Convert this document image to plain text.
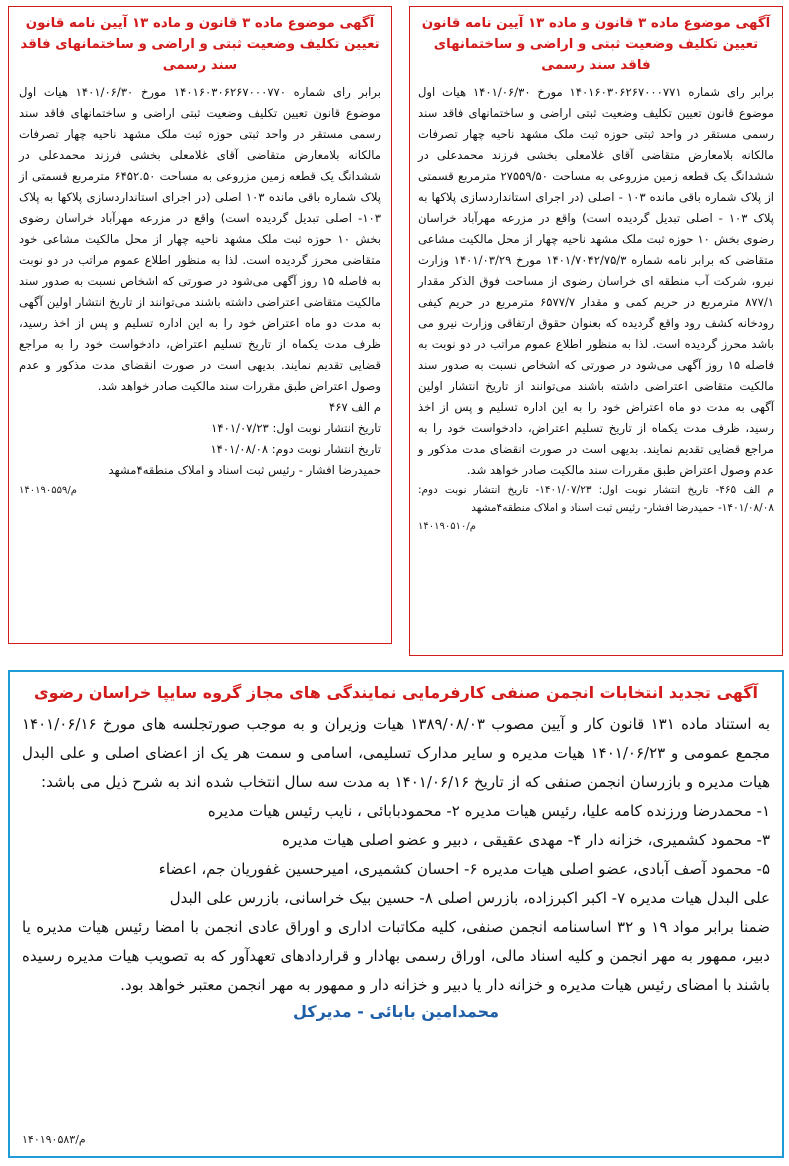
آگهی موضوع ماده ۳ قانون و ماده ۱۳ آیین نامه قانون تعیین تکلیف وضعیت ثبتی و اراضی و ساختمانهای فاقد سند رسمی

برابر رای شماره ۱۴۰۱۶۰۳۰۶۲۶۷۰۰۰۷۷۱ مورخ ۱۴۰۱/۰۶/۳۰ هیات اول موضوع قانون تعیین تکلیف وضعیت ثبتی اراضی و ساختمانهای فاقد سند رسمی مستقر در واحد ثبتی حوزه ثبت ملک مشهد ناحیه چهار تصرفات مالکانه بلامعارض متقاضی آقای غلامعلی بخشی فرزند محمدعلی در ششدانگ یک قطعه زمین مزروعی به مساحت ۲۷۵۵۹/۵۰ مترمربع قسمتی از پلاک شماره باقی مانده ۱۰۳ - اصلی (در اجرای استانداردسازی پلاکها به پلاک ۱۰۳ - اصلی تبدیل گردیده است) واقع در مزرعه مهرآباد خراسان رضوی بخش ۱۰ حوزه ثبت ملک مشهد ناحیه چهار از محل مالکیت مشاعی متقاضی که برابر نامه شماره ۱۴۰۱/۷۰۴۲/۷۵/۳ مورخ ۱۴۰۱/۰۳/۲۹ وزارت نیرو، شرکت آب منطقه ای خراسان رضوی از مساحت فوق الذکر مقدار ۸۷۷/۱ مترمربع در حریم کمی و مقدار ۶۵۷۷/۷ مترمربع در حریم کیفی رودخانه کشف رود واقع گردیده که بعنوان حقوق ارتفاقی وزارت نیرو می باشد محرز گردیده است. لذا به منظور اطلاع عموم مراتب در دو نوبت به فاصله ۱۵ روز آگهی می‌شود در صورتی که اشخاص نسبت به صدور سند مالکیت متقاضی اعتراضی داشته باشند می‌توانند از تاریخ انتشار اولین آگهی به مدت دو ماه اعتراض خود را به این اداره تسلیم و پس از اخذ رسید، ظرف مدت یکماه از تاریخ تسلیم اعتراض، دادخواست خود را به مراجع قضایی تقدیم نمایند. بدیهی است در صورت انقضای مدت مذکور و عدم وصول اعتراض طبق مقررات سند مالکیت صادر خواهد شد.

م الف ۴۶۵- تاریخ انتشار نوبت اول: ۱۴۰۱/۰۷/۲۳- تاریخ انتشار نوبت دوم: ۱۴۰۱/۰۸/۰۸- حمیدرضا افشار- رئیس ثبت اسناد و املاک منطقه۴مشهد

م/۱۴۰۱۹۰۵۱۰
آگهی موضوع ماده ۳ قانون و ماده ۱۳ آیین نامه قانون تعیین تکلیف وضعیت ثبتی و اراضی و ساختمانهای فاقد سند رسمی

برابر رای شماره ۱۴۰۱۶۰۳۰۶۲۶۷۰۰۰۷۷۰ مورخ ۱۴۰۱/۰۶/۳۰ هیات اول موضوع قانون تعیین تکلیف وضعیت ثبتی اراضی و ساختمانهای فاقد سند رسمی مستقر در واحد ثبتی حوزه ثبت ملک مشهد ناحیه چهار تصرفات مالکانه بلامعارض متقاضی آقای غلامعلی بخشی فرزند محمدعلی در ششدانگ یک قطعه زمین مزروعی به مساحت ۶۴۵۲.۵۰ مترمربع قسمتی از پلاک شماره باقی مانده ۱۰۳ اصلی (در اجرای استانداردسازی پلاکها به پلاک ۱۰۳- اصلی تبدیل گردیده است) واقع در مزرعه مهرآباد خراسان رضوی بخش ۱۰ حوزه ثبت ملک مشهد ناحیه چهار از محل مالکیت مشاعی خود متقاضی محرز گردیده است. لذا به منظور اطلاع عموم مراتب در دو نوبت به فاصله ۱۵ روز آگهی می‌شود در صورتی که اشخاص نسبت به صدور سند مالکیت متقاضی اعتراضی داشته باشند می‌توانند از تاریخ انتشار اولین آگهی به مدت دو ماه اعتراض خود را به این اداره تسلیم و پس از اخذ رسید، ظرف مدت یکماه از تاریخ تسلیم اعتراض، دادخواست خود را به مراجع قضایی تقدیم نمایند. بدیهی است در صورت انقضای مدت مذکور و عدم وصول اعتراض طبق مقررات سند مالکیت صادر خواهد شد.

م الف ۴۶۷

تاریخ انتشار نوبت اول: ۱۴۰۱/۰۷/۲۳

تاریخ انتشار نوبت دوم: ۱۴۰۱/۰۸/۰۸

حمیدرضا افشار - رئیس ثبت اسناد و املاک منطقه۴مشهد

م/۱۴۰۱۹۰۵۵۹
آگهی تجدید انتخابات انجمن صنفی کارفرمایی نمایندگی های مجاز گروه سایپا خراسان رضوی

به استناد ماده ۱۳۱ قانون کار و آیین مصوب ۱۳۸۹/۰۸/۰۳ هیات وزیران و به موجب صورتجلسه های مورخ ۱۴۰۱/۰۶/۱۶ مجمع عمومی و ۱۴۰۱/۰۶/۲۳ هیات مدیره و سایر مدارک تسلیمی، اسامی و سمت هر یک از اعضای اصلی و علی البدل هیات مدیره و بازرسان انجمن صنفی که از تاریخ ۱۴۰۱/۰۶/۱۶ به مدت سه سال انتخاب شده اند به شرح ذیل می باشد:

۱- محمدرضا ورزنده کامه علیا، رئیس هیات مدیره ۲- محمودبابائی ، نایب رئیس هیات مدیره

۳- محمود کشمیری، خزانه دار ۴- مهدی عقیقی ، دبیر و عضو اصلی هیات مدیره

۵- محمود آصف آبادی، عضو اصلی هیات مدیره ۶- احسان کشمیری، امیرحسین غفوریان جم، اعضاء

علی البدل هیات مدیره ۷- اکبر اکبرزاده، بازرس اصلی ۸- حسین بیک خراسانی، بازرس علی البدل

ضمنا برابر مواد ۱۹ و ۳۲ اساسنامه انجمن صنفی، کلیه مکاتبات اداری و اوراق عادی انجمن با امضا رئیس هیات مدیره یا دبیر، ممهور به مهر انجمن و کلیه اسناد مالی، اوراق رسمی بهادار و قراردادهای تعهدآور که به تصویب هیات مدیره رسیده باشند با امضای رئیس هیات مدیره و خزانه دار یا دبیر و خزانه دار و ممهور به مهر انجمن معتبر خواهد بود.

محمدامین بابائی - مدیرکل
م/۱۴۰۱۹۰۵۸۳
